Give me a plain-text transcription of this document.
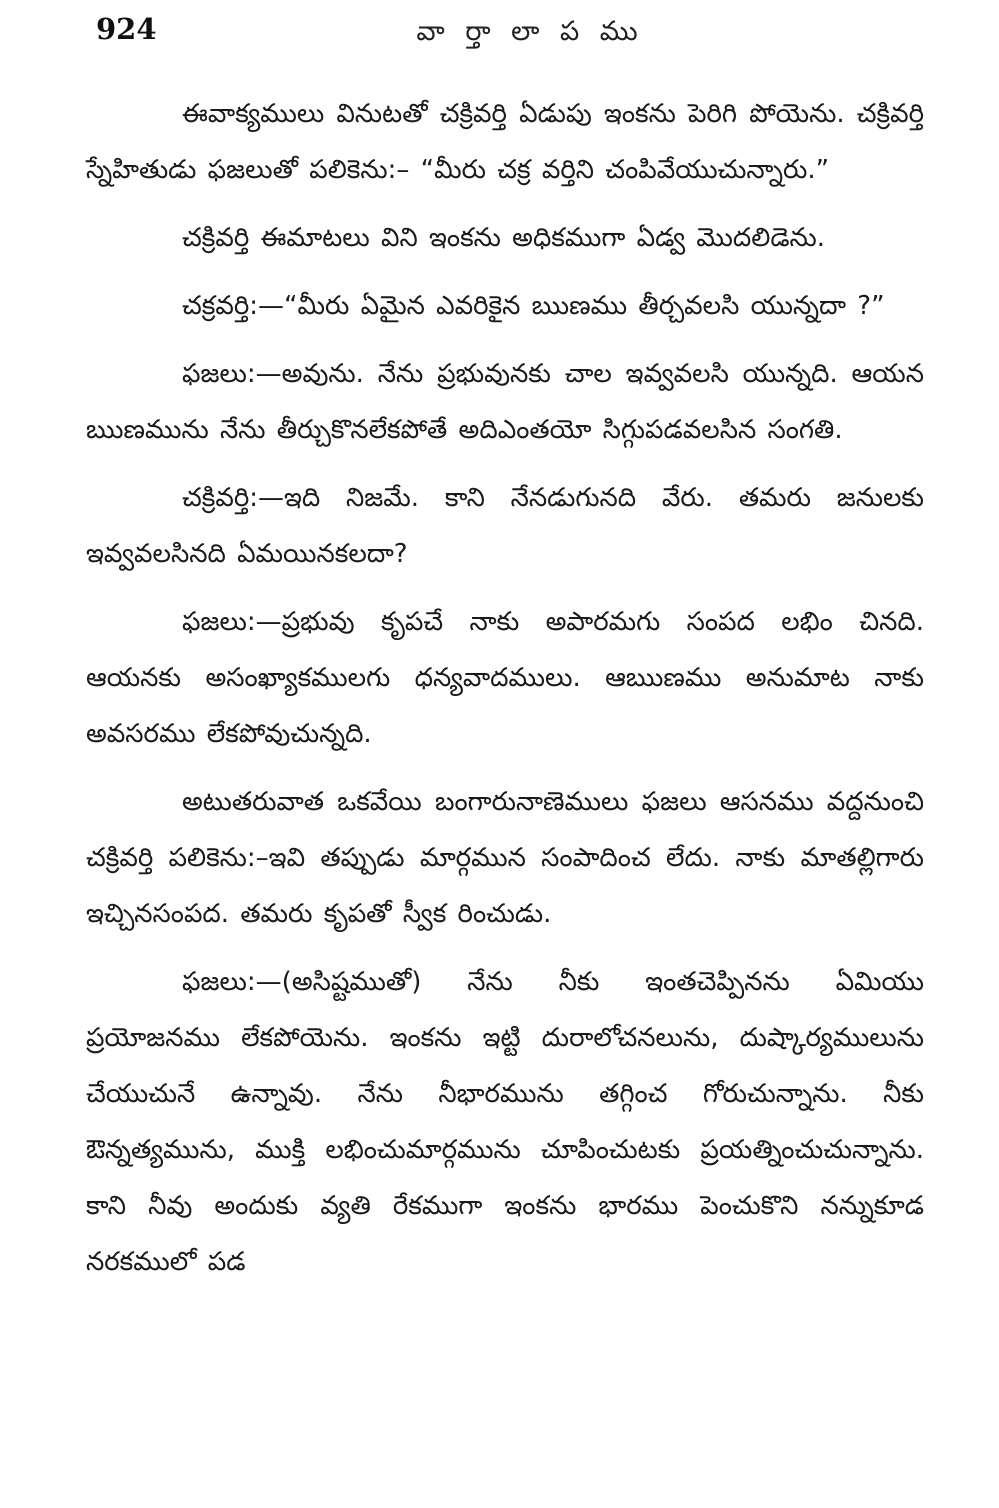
924	వా ర్తా లా ప ము

ఈవాక్యములు వినుటతో చక్రివర్తి ఏడుపు ఇంకను పెరిగి పోయెను. చక్రివర్తి స్నేహితుడు ఫజలుతో పలికెను:– “మీరు చక్ర వర్తిని చంపివేయుచున్నారు.”

చక్రివర్తి ఈమాటలు విని ఇంకను అధికముగా ఏడ్వ మొదలిడెను.

చక్రవర్తి:—“మీరు ఏమైన ఎవరికైన ఋణము తీర్చవలసి యున్నదా ?”

ఫజలు:—అవును. నేను ప్రభువునకు చాల ఇవ్వవలసి యున్నది. ఆయన ఋణమును నేను తీర్చుకొనలేకపోతే అదిఎంతయో సిగ్గుపడవలసిన సంగతి.

చక్రివర్తి:—ఇది నిజమే. కాని నేనడుగునది వేరు. తమరు జనులకు ఇవ్వవలసినది ఏమయినకలదా?

ఫజలు:—ప్రభువు కృపచే నాకు అపారమగు సంపద లభిం చినది. ఆయనకు అసంఖ్యాకములగు ధన్యవాదములు. ఆఋణము అనుమాట నాకు అవసరము లేకపోవుచున్నది.

అటుతరువాత ఒకవేయి బంగారునాణెములు ఫజలు ఆసనము వద్దనుంచి చక్రివర్తి పలికెను:–ఇవి తప్పుడు మార్గమున సంపాదించ లేదు. నాకు మాతల్లిగారు ఇచ్చినసంపద. తమరు కృపతో స్వీక రించుడు.

ఫజలు:—(అసిష్టముతో) నేను నీకు ఇంతచెప్పినను ఏమియు ప్రయోజనము లేకపోయెను. ఇంకను ఇట్టి దురాలోచనలును, దుష్కార్యములును చేయుచునే ఉన్నావు. నేను నీభారమును తగ్గించ గోరుచున్నాను. నీకు ఔన్నత్యమును, ముక్తి లభించుమార్గమును చూపించుటకు ప్రయత్నించుచున్నాను. కాని నీవు అందుకు వ్యతి రేకముగా ఇంకను భారము పెంచుకొని నన్నుకూడ నరకములో పడ
